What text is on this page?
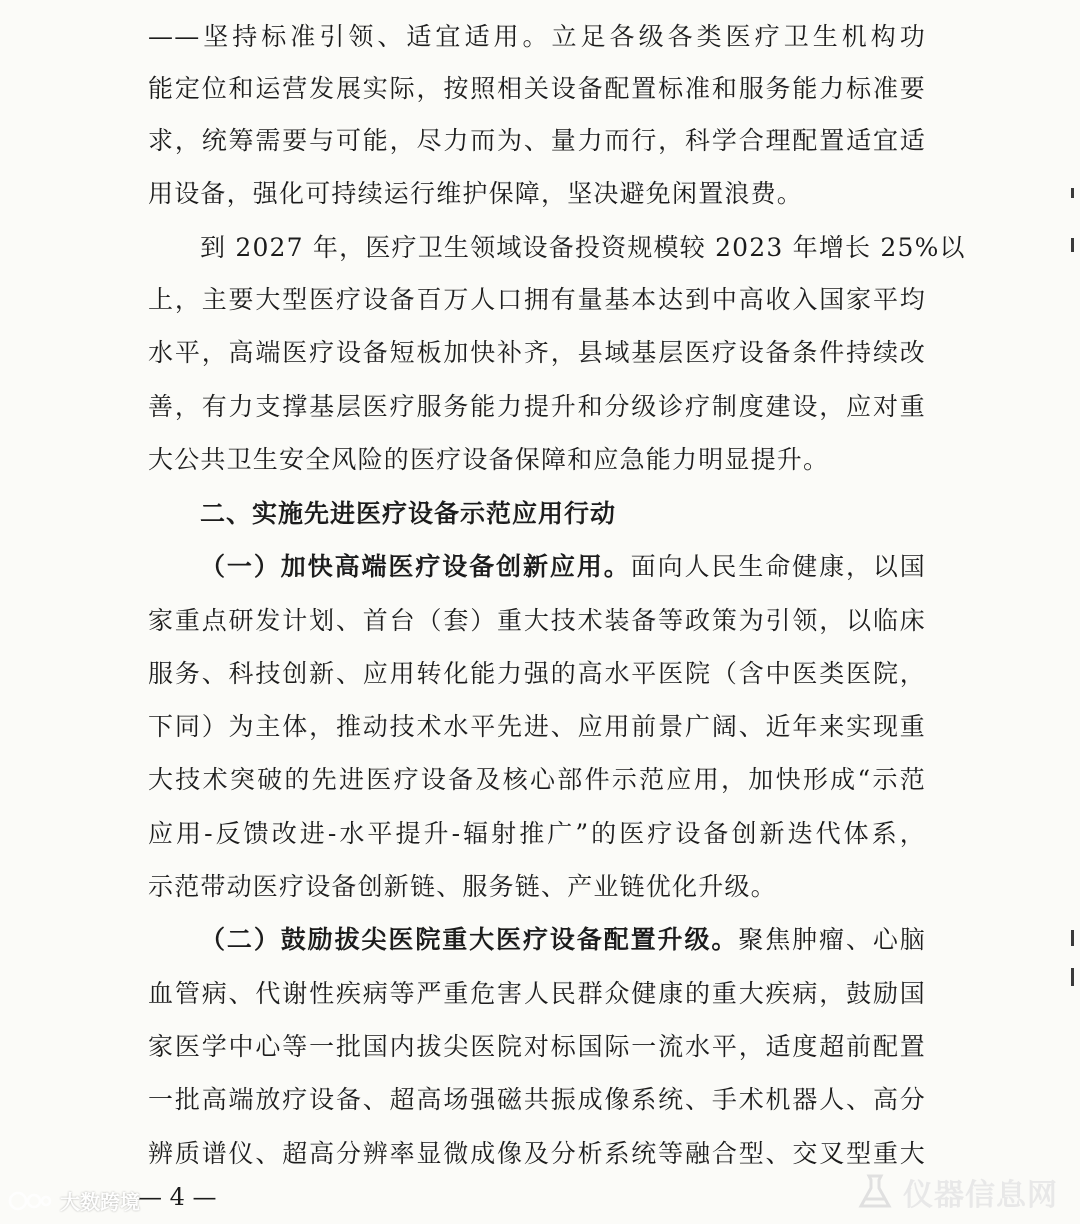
——坚持标准引领、适宜适用。立足各级各类医疗卫生机构功
能定位和运营发展实际，按照相关设备配置标准和服务能力标准要
求，统筹需要与可能，尽力而为、量力而行，科学合理配置适宜适
用设备，强化可持续运行维护保障，坚决避免闲置浪费。
到 2027 年，医疗卫生领域设备投资规模较 2023 年增长 25%以
上，主要大型医疗设备百万人口拥有量基本达到中高收入国家平均
水平，高端医疗设备短板加快补齐，县域基层医疗设备条件持续改
善，有力支撑基层医疗服务能力提升和分级诊疗制度建设，应对重
大公共卫生安全风险的医疗设备保障和应急能力明显提升。
二、实施先进医疗设备示范应用行动
（一）加快高端医疗设备创新应用。面向人民生命健康，以国
家重点研发计划、首台（套）重大技术装备等政策为引领，以临床
服务、科技创新、应用转化能力强的高水平医院（含中医类医院，
下同）为主体，推动技术水平先进、应用前景广阔、近年来实现重
大技术突破的先进医疗设备及核心部件示范应用，加快形成“示范
应用-反馈改进-水平提升-辐射推广”的医疗设备创新迭代体系，
示范带动医疗设备创新链、服务链、产业链优化升级。
（二）鼓励拔尖医院重大医疗设备配置升级。聚焦肿瘤、心脑
血管病、代谢性疾病等严重危害人民群众健康的重大疾病，鼓励国
家医学中心等一批国内拔尖医院对标国际一流水平，适度超前配置
一批高端放疗设备、超高场强磁共振成像系统、手术机器人、高分
辨质谱仪、超高分辨率显微成像及分析系统等融合型、交叉型重大
— 4 —
大数跨境	仪器信息网
